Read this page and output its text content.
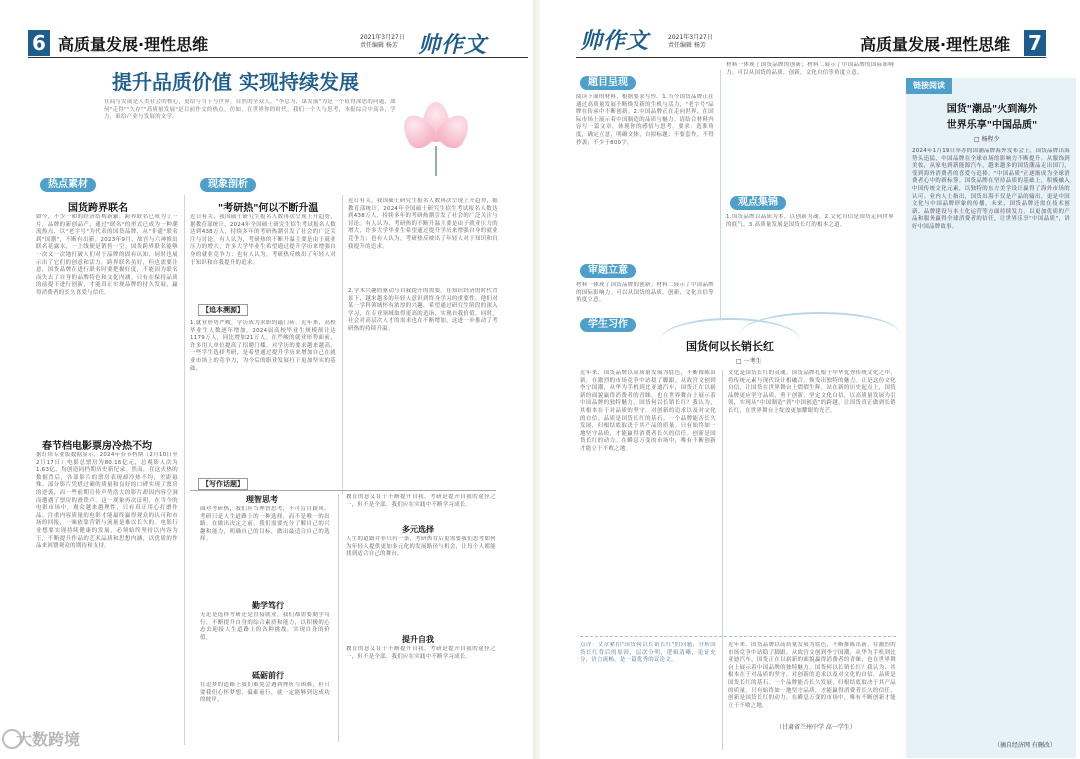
6 高质量发展·理性思维	2021年3月27日
责任编辑 杨芳 帅作文
提升品质价值 实现持续发展
在商与发展是人类社会的核心，更给与当下与世界，自然的全众人。"李总为，谋发展"为是一个值得深思的问题，如何"走得""久存""高质量发展"是目前作文的热点。仿如，在世界你的时代，我们一个人与思考，本报综合中高各，学力，谁给产业与发展的文学。
热点素材	现象剖析
国货跨界联名
如今，不少一和的经济结构新颖，跨界联名已成为了一片，品牌的新创品产，通过"联名"的形式已成为一种潮流热点，以"老字号"为代表的国货品牌，从"非遗"联名到"国潮"，不断有出新。2023年9月，故宫与六神推出联名花露水，一上线便是销售一空。国货跨界联名能够一次又一次地打破人们对于品牌的固有认知，同时也展示出了它们的创意和活力。跨界联名虽好，但也需要注意，国货品牌在进行联名时要把握好度，不能因为联名而失去了自身的品牌特色和文化内涵。只有在保持品质的前提下进行创新，才能真正实现品牌的持久发展，赢得消费者的长久喜爱与信任。
春节档电影票房冷热不均
据灯塔专业版数据显示，2024年春节档期（2月10日至2月17日）电影总票房为80.16亿元，总观影人次为1.63亿，均创造同档期历史新纪录。然而，在这火热的数据背后，各部影片的票房表现却冷热不均，差距悬殊。部分影片凭借过硬的质量和良好的口碑实现了票房的逆袭，而一些前期宣传声势浩大的影片却因内容空洞而遭遇了票房的滑铁卢。这一现象再次证明，在当今的电影市场中，观众越来越理性，只有真正用心打磨作品、注重内容质量的电影才能最终赢得观众的认可和市场的回报，一味依靠营销与流量是难以长久的。电影行业想要实现持续健康的发展，必须始终坚持以内容为王，不断提升作品的艺术品质和思想内涵，以优质的作品来回馈观众的期待和支持。
"考研热"何以不断升温
近日有关，我国硕士研究生报名人数再次呈现上升趋势，据教育部统计，2024年全国硕士研究生招生考试报名人数达到438万人，持续多年的考研热潮引发了社会的广泛关注与讨论。有人认为，考研热的不断升温主要是由于就业压力的增大，许多大学毕业生希望通过提升学历来增强自身的就业竞争力；也有人认为，考研热反映出了年轻人对于知识和自我提升的追求。
【追本溯源】
1.就业形势严峻，学历成为求职的敲门砖。近年来，高校毕业生人数逐年增加，2024届高校毕业生规模预计达1179万人，同比增加21万人。在严峻的就业形势面前，许多用人单位提高了招聘门槛，对学历的要求越来越高。一些学生选择考研，是希望通过提升学历来增加自己在就业市场上的竞争力，为今后的职业发展打下更加坚实的基础。
【写作话题】
近日有关，我国硕士研究生报名人数再次呈现上升趋势，据教育部统计，2024年全国硕士研究生招生考试报名人数达到438万人，持续多年的考研热潮引发了社会的广泛关注与讨论。有人认为，考研热的不断升温主要是由于就业压力的增大，许多大学毕业生希望通过提升学历来增强自身的就业竞争力；也有人认为，考研热反映出了年轻人对于知识和自我提升的追求。
2.学术兴趣的驱动与自我提升的需要。在知识经济的时代背景下，越来越多的年轻人意识到终身学习的重要性。他们对某一学科领域怀有浓厚的兴趣，希望通过研究生阶段的深入学习，在专业领域取得更高的造诣，实现自我价值。同时，社会对高层次人才的需求也在不断增加，这进一步推动了考研热的持续升温。
理智思考
面对考研热，我们应当理智思考，不可盲目跟风。考研只是人生道路上的一种选择，而不是唯一的出路。在做出决定之前，我们需要充分了解自己的兴趣和能力，明确自己的目标，做出最适合自己的选择。
勤学笃行
无论是选择考研还是直接就业，我们都需要勤学笃行，不断提升自身的综合素质和能力，以积极的心态去迎接人生道路上的各种挑战，实现自身的价值。
砥砺前行
在追梦的道路上我们难免会遇到挫折与困难，但只要我们心怀梦想、砥砺前行，就一定能够到达成功的彼岸。
教育的意义在于不断提升自我，考研是提升自我的途径之一，但不是全部，我们应在实践中不断学习成长。
多元选择
人生的道路并非只有一条，考研热背后更需要我们思考如何为年轻人提供更加多元化的发展路径与机会，让每个人都能找到适合自己的舞台。
提升自我
教育的意义在于不断提升自我，考研是提升自我的途径之一，但不是全部，我们应在实践中不断学习成长。
帅作文	2021年3月27日
责任编辑 杨芳	高质量发展·理性思维 7
题目呈现
阅读下面的材料，根据要求写作。1.当今国货品牌正在通过高质量发展不断焕发新的生机与活力，"老字号"品牌在传承中不断创新。2.中国品牌正在走向世界，在国际市场上展示着中国制造的品质与魅力。请结合材料内容写一篇文章，体现你的感悟与思考。要求：选准角度，确定立意，明确文体，自拟标题；不要套作，不得抄袭；不少于800字。
审题立意
材料一体现了国货品牌的创新；材料二展示了中国品牌的国际影响力。可以从国货的品质、创新、文化自信等角度立意。
学生习作
材料一体现了国货品牌的创新；材料二展示了中国品牌的国际影响力。可以从国货的品质、创新、文化自信等角度立意。
观点集锦
1.国货品牌以品质为本，以创新为魂。2.文化自信是国货走向世界的底气。3.高质量发展是国货长红的根本之道。
国货何以长销长红
□ 一考生
近年来，国货品牌以高质量发展为底色，不断推陈出新，在激烈的市场竞争中站稳了脚跟。从故宫文创到李宁国潮，从华为手机到比亚迪汽车，国货正在以崭新的面貌赢得消费者的青睐，也在世界舞台上展示着中国品牌的独特魅力。国货何以长销长红？我认为，其根本在于对品质的坚守，对创新的追求以及对文化的自信。品质是国货长红的基石。一个品牌能否长久发展，归根结底取决于其产品的质量。只有始终如一地坚守品质，才能赢得消费者长久的信任。创新是国货长红的动力。在瞬息万变的市场中，唯有不断创新才能立于不败之地。
文化是国货长红的灵魂。国货品牌扎根于中华优秀传统文化之中，将传统元素与现代设计相融合，焕发出独特的魅力。正是这份文化自信，让国货在世界舞台上熠熠生辉。站在新的历史起点上，国货品牌更应坚守品质、勇于创新、坚定文化自信，以高质量发展为引领，实现从"中国制造"到"中国创造"的跨越，让国货真正做到长销长红，在世界舞台上绽放更加耀眼的光芒。
点评：文章紧扣"国货何以长销长红"的问题，分析国货长红背后的原因，层次分明，逻辑清晰，论证充分，语言流畅，是一篇优秀的议论文。
近年来，国货品牌以高质量发展为底色，不断推陈出新，在激烈的市场竞争中站稳了脚跟。从故宫文创到李宁国潮，从华为手机到比亚迪汽车，国货正在以崭新的面貌赢得消费者的青睐，也在世界舞台上展示着中国品牌的独特魅力。国货何以长销长红？我认为，其根本在于对品质的坚守，对创新的追求以及对文化的自信。品质是国货长红的基石。一个品牌能否长久发展，归根结底取决于其产品的质量。只有始终如一地坚守品质，才能赢得消费者长久的信任。创新是国货长红的动力。在瞬息万变的市场中，唯有不断创新才能立于不败之地。
（甘肃省兰州中学 高一学生）
链接阅读
国货"潮品"火到海外
世界乐享"中国品质"
□ 杨程少
2024年1月19日举办的国潮品牌海外发布会上，国货品牌出海势头迅猛，中国品牌在全球市场的影响力不断提升。从服饰到美妆，从家电到新能源汽车，越来越多的国货潮品走出国门，受到海外消费者的喜爱与追捧。"中国品质"正逐渐成为全球消费者心中的新标签。国货品牌在坚持品质的基础上，积极融入中国传统文化元素，以独特的东方美学设计赢得了海外市场的认可。业内人士指出，国货出海不仅是产品的输出，更是中国文化与中国品牌形象的传播。未来，国货品牌还需在技术创新、品牌建设与本土化运营等方面持续发力，以更加优质的产品和服务赢得全球消费者的信任，让世界乐享"中国品质"，讲好中国品牌故事。
（摘自经济网 有删改）
大数跨境
